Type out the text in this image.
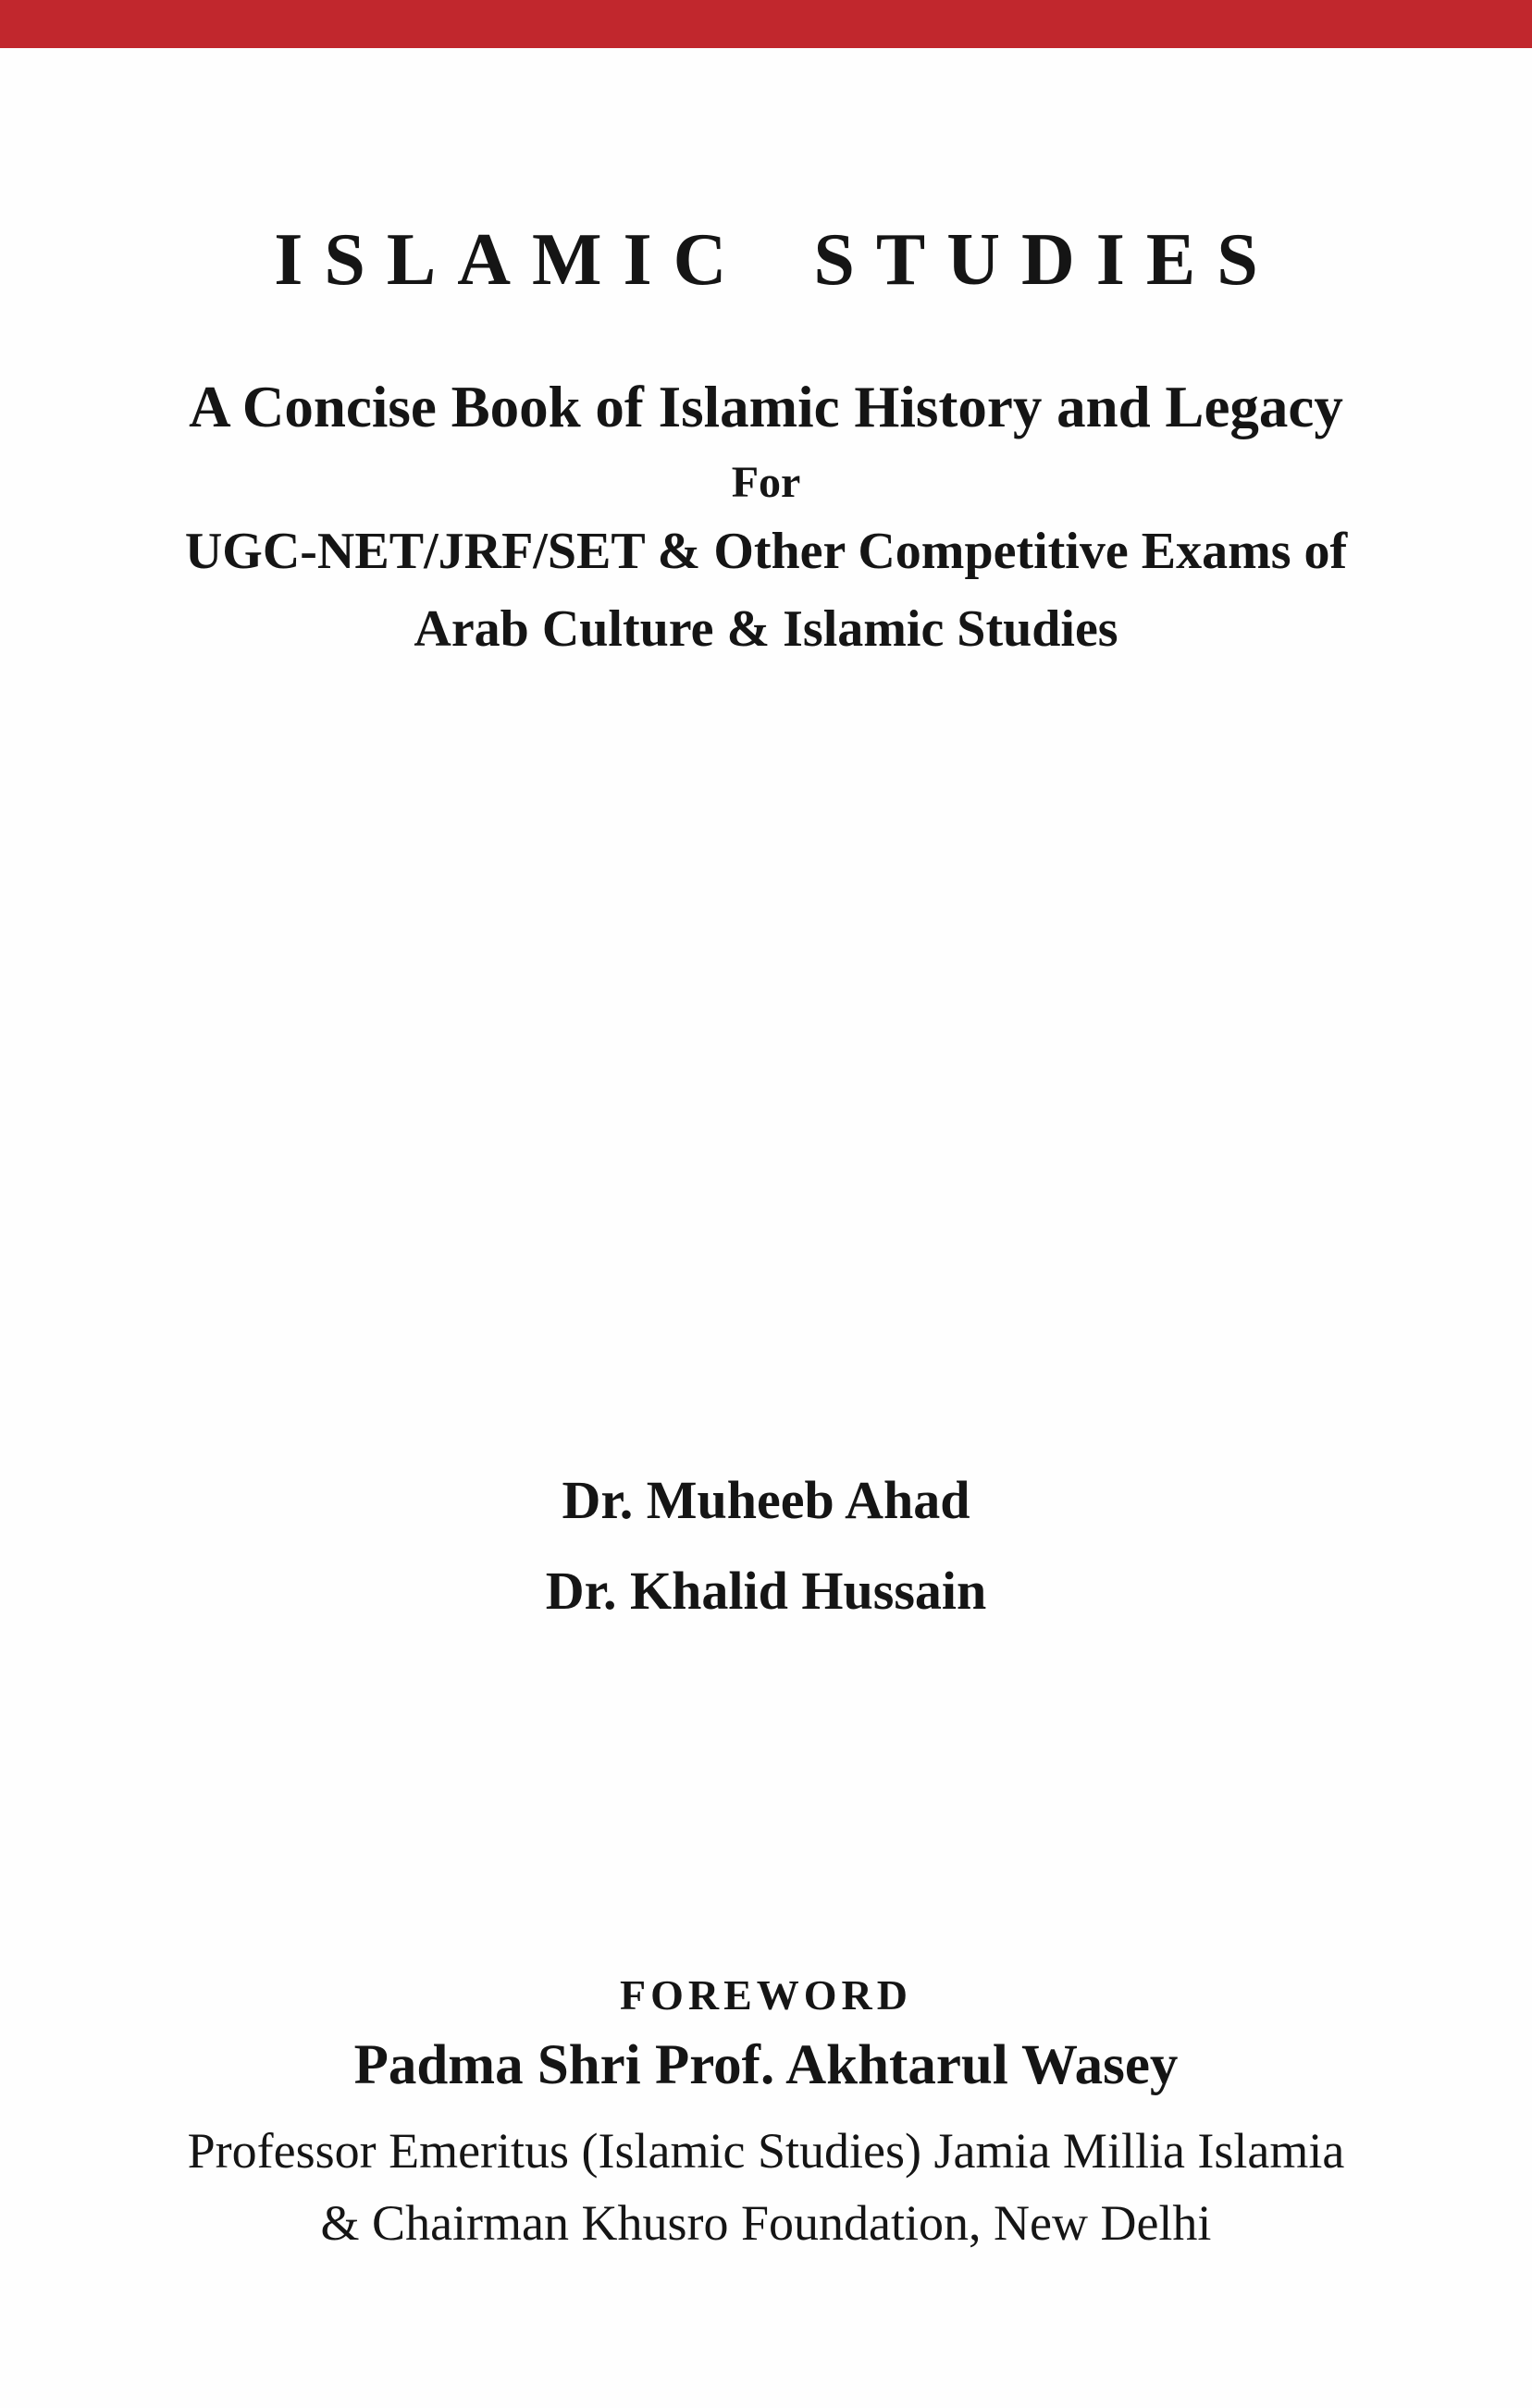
ISLAMIC STUDIES
A Concise Book of Islamic History and Legacy
For
UGC-NET/JRF/SET & Other Competitive Exams of
Arab Culture & Islamic Studies
Dr. Muheeb Ahad
Dr. Khalid Hussain
FOREWORD
Padma Shri Prof. Akhtarul Wasey
Professor Emeritus (Islamic Studies) Jamia Millia Islamia
& Chairman Khusro Foundation, New Delhi
